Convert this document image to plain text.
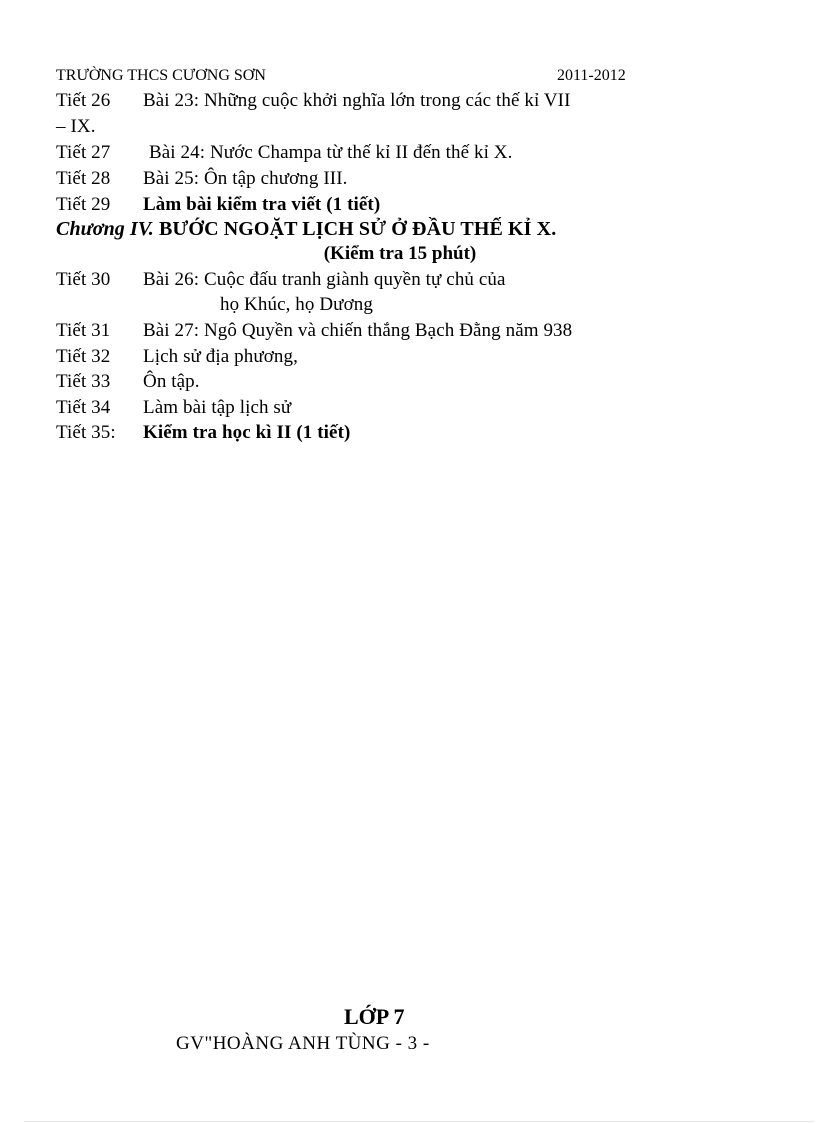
TRƯỜNG THCS CƯƠNG SƠN	2011-2012
Tiết 26 Bài 23: Những cuộc khởi nghĩa lớn trong các thế kỉ VII
– IX.
Tiết 27 Bài 24: Nước Champa từ thế kỉ II đến thế kỉ X.
Tiết 28 Bài 25: Ôn tập chương III.
Tiết 29 Làm bài kiểm tra viết (1 tiết)
Chương IV. BƯỚC NGOẶT LỊCH SỬ Ở ĐẦU THẾ KỈ X.
(Kiểm tra 15 phút)
Tiết 30 Bài 26: Cuộc đấu tranh giành quyền tự chủ của
họ Khúc, họ Dương
Tiết 31 Bài 27: Ngô Quyền và chiến thắng Bạch Đằng năm 938
Tiết 32 Lịch sử địa phương,
Tiết 33 Ôn tập.
Tiết 34 Làm bài tập lịch sử
Tiết 35: Kiểm tra học kì II (1 tiết)
LỚP 7
GV"HOÀNG ANH TÙNG - 3 -
